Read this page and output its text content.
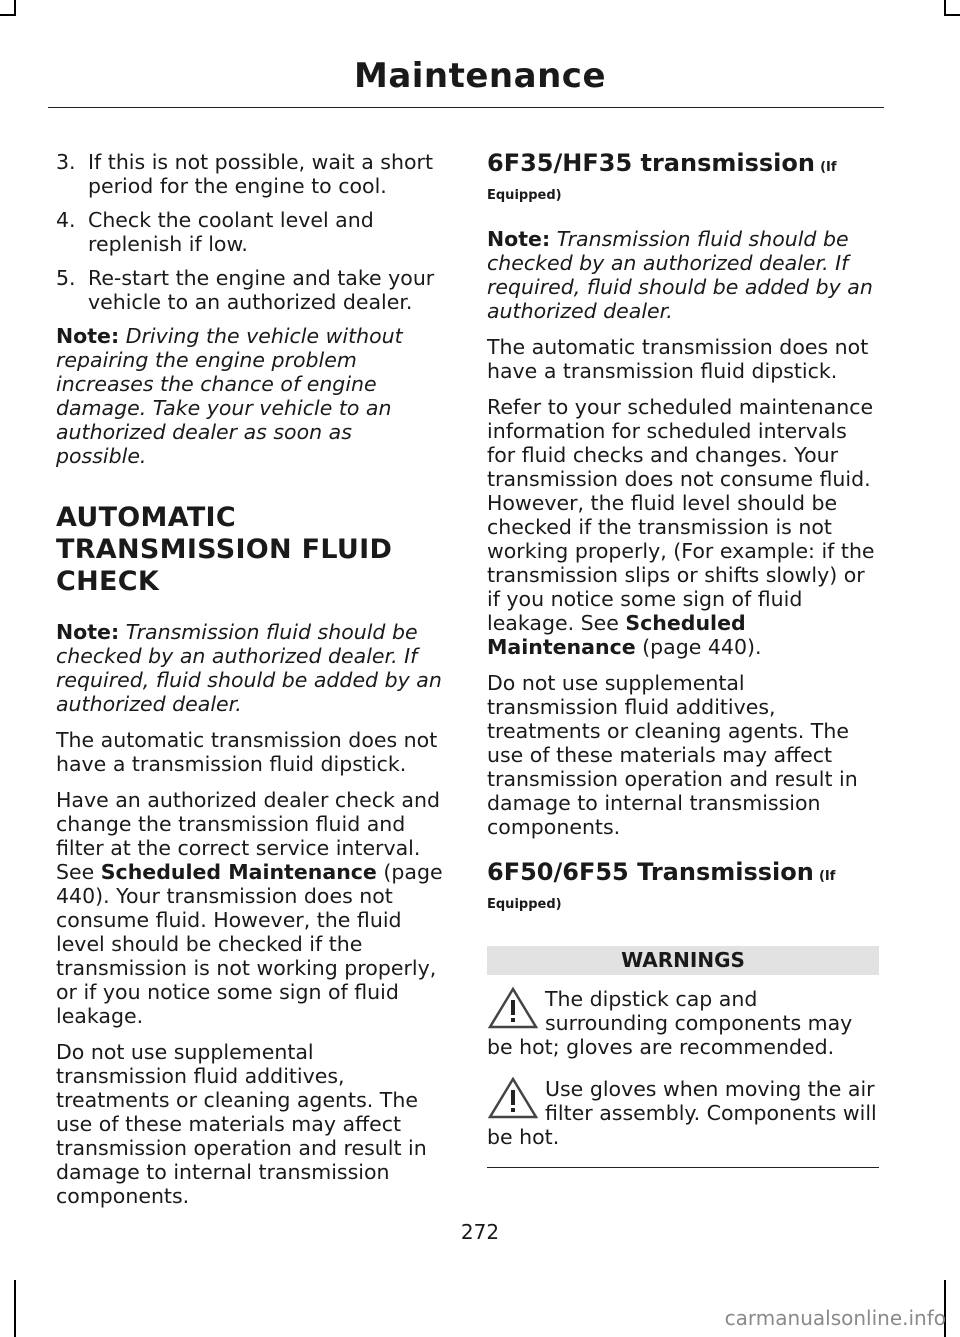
Maintenance
3. If this is not possible, wait a short period for the engine to cool.
4. Check the coolant level and replenish if low.
5. Re-start the engine and take your vehicle to an authorized dealer.

Note: Driving the vehicle without repairing the engine problem increases the chance of engine damage. Take your vehicle to an authorized dealer as soon as possible.

AUTOMATIC
TRANSMISSION FLUID
CHECK

Note: Transmission fluid should be checked by an authorized dealer. If required, fluid should be added by an authorized dealer.

The automatic transmission does not have a transmission fluid dipstick.

Have an authorized dealer check and change the transmission fluid and filter at the correct service interval. See Scheduled Maintenance (page 440). Your transmission does not consume fluid. However, the fluid level should be checked if the transmission is not working properly, or if you notice some sign of fluid leakage.

Do not use supplemental transmission fluid additives, treatments or cleaning agents. The use of these materials may affect transmission operation and result in damage to internal transmission components.

6F35/HF35 transmission (If Equipped)

Note: Transmission fluid should be checked by an authorized dealer. If required, fluid should be added by an authorized dealer.

The automatic transmission does not have a transmission fluid dipstick.

Refer to your scheduled maintenance information for scheduled intervals for fluid checks and changes. Your transmission does not consume fluid. However, the fluid level should be checked if the transmission is not working properly, (For example: if the transmission slips or shifts slowly) or if you notice some sign of fluid leakage. See Scheduled Maintenance (page 440).

Do not use supplemental transmission fluid additives, treatments or cleaning agents. The use of these materials may affect transmission operation and result in damage to internal transmission components.

6F50/6F55 Transmission (If Equipped)
WARNINGS
The dipstick cap and surrounding components may be hot; gloves are recommended.
Use gloves when moving the air filter assembly. Components will be hot.
272
carmanualsonline.info
